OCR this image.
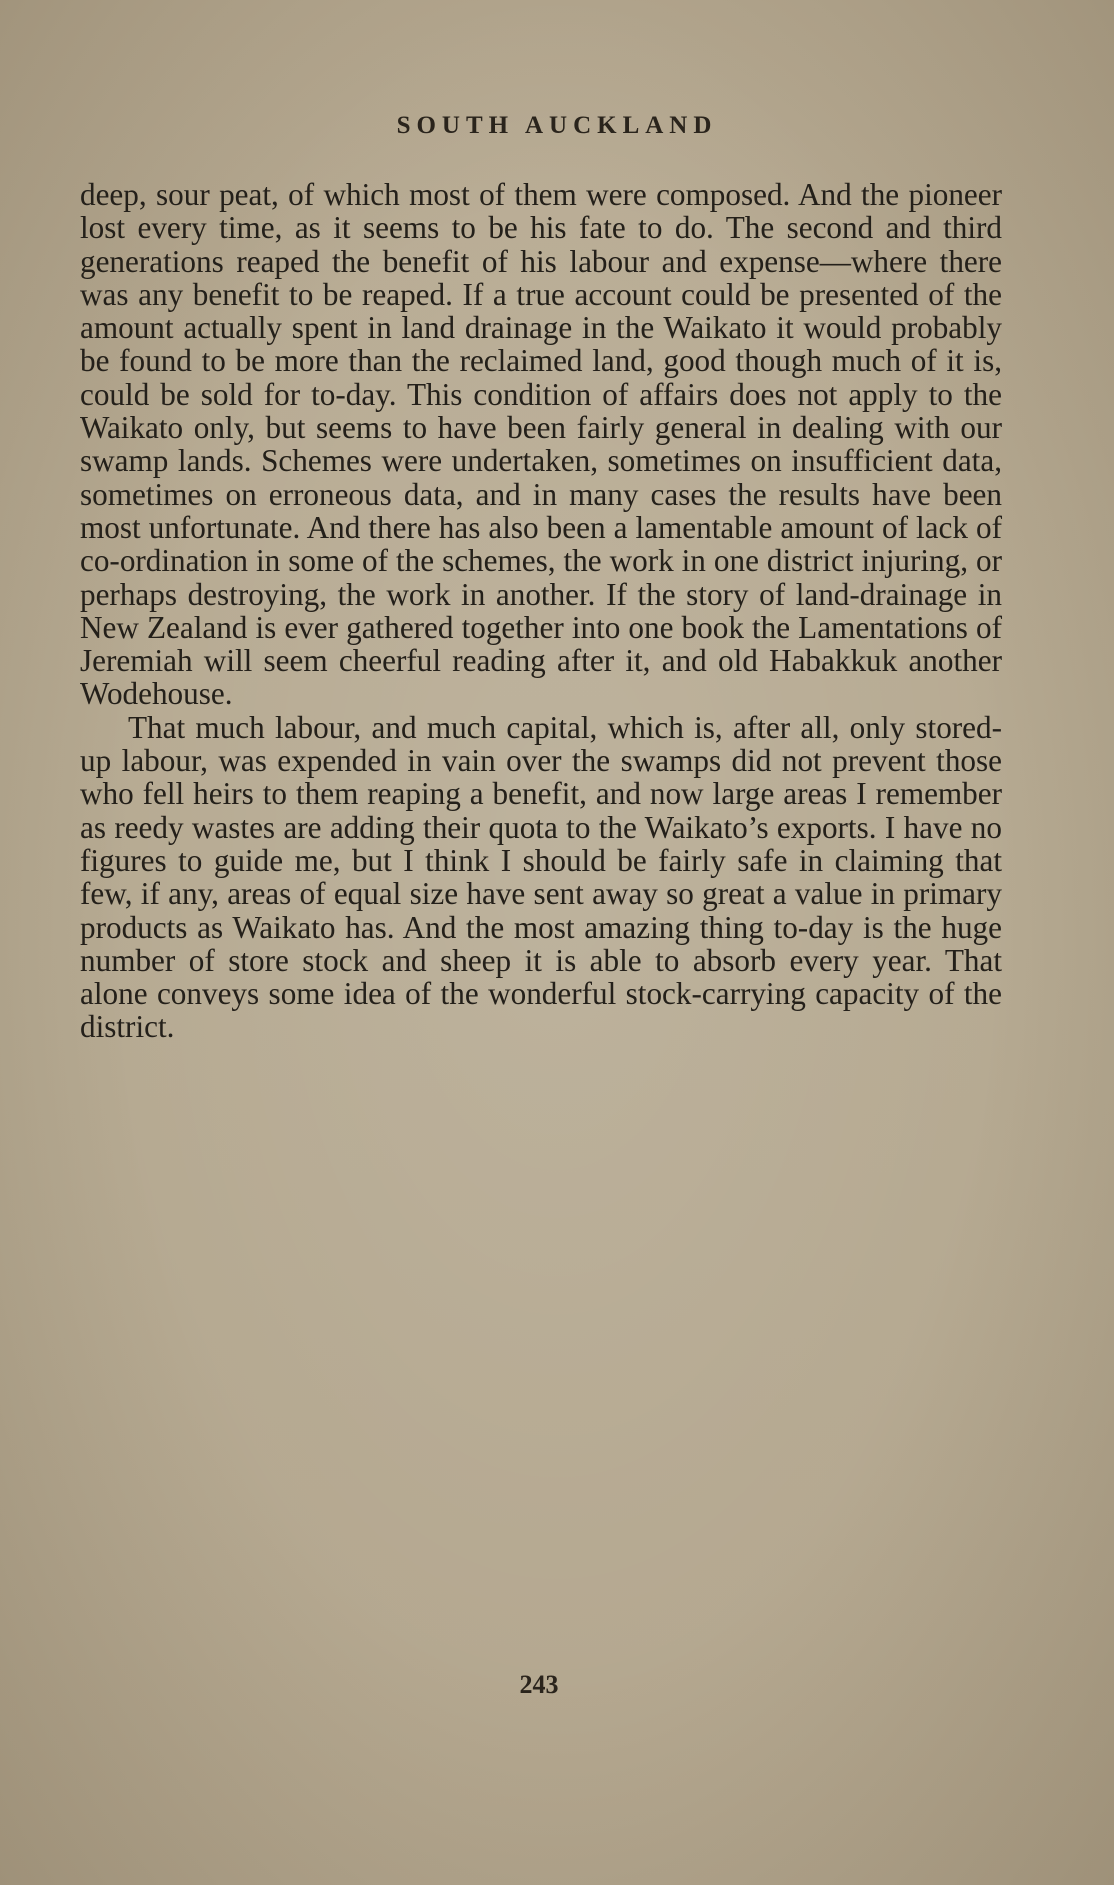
SOUTH AUCKLAND

deep, sour peat, of which most of them were composed. And the pioneer lost every time, as it seems to be his fate to do. The second and third generations reaped the benefit of his labour and expense—where there was any benefit to be reaped. If a true account could be presented of the amount actually spent in land drainage in the Waikato it would probably be found to be more than the reclaimed land, good though much of it is, could be sold for to-day. This condition of affairs does not apply to the Waikato only, but seems to have been fairly general in dealing with our swamp lands. Schemes were undertaken, sometimes on insufficient data, sometimes on erroneous data, and in many cases the results have been most unfortunate. And there has also been a lamentable amount of lack of co-ordination in some of the schemes, the work in one district injuring, or perhaps destroying, the work in another. If the story of land-drainage in New Zealand is ever gathered together into one book the Lamentations of Jeremiah will seem cheerful reading after it, and old Habakkuk another Wodehouse.

That much labour, and much capital, which is, after all, only stored-up labour, was expended in vain over the swamps did not prevent those who fell heirs to them reaping a benefit, and now large areas I remember as reedy wastes are adding their quota to the Waikato’s exports. I have no figures to guide me, but I think I should be fairly safe in claiming that few, if any, areas of equal size have sent away so great a value in primary products as Waikato has. And the most amazing thing to-day is the huge number of store stock and sheep it is able to absorb every year. That alone conveys some idea of the wonderful stock-carrying capacity of the district.

243
